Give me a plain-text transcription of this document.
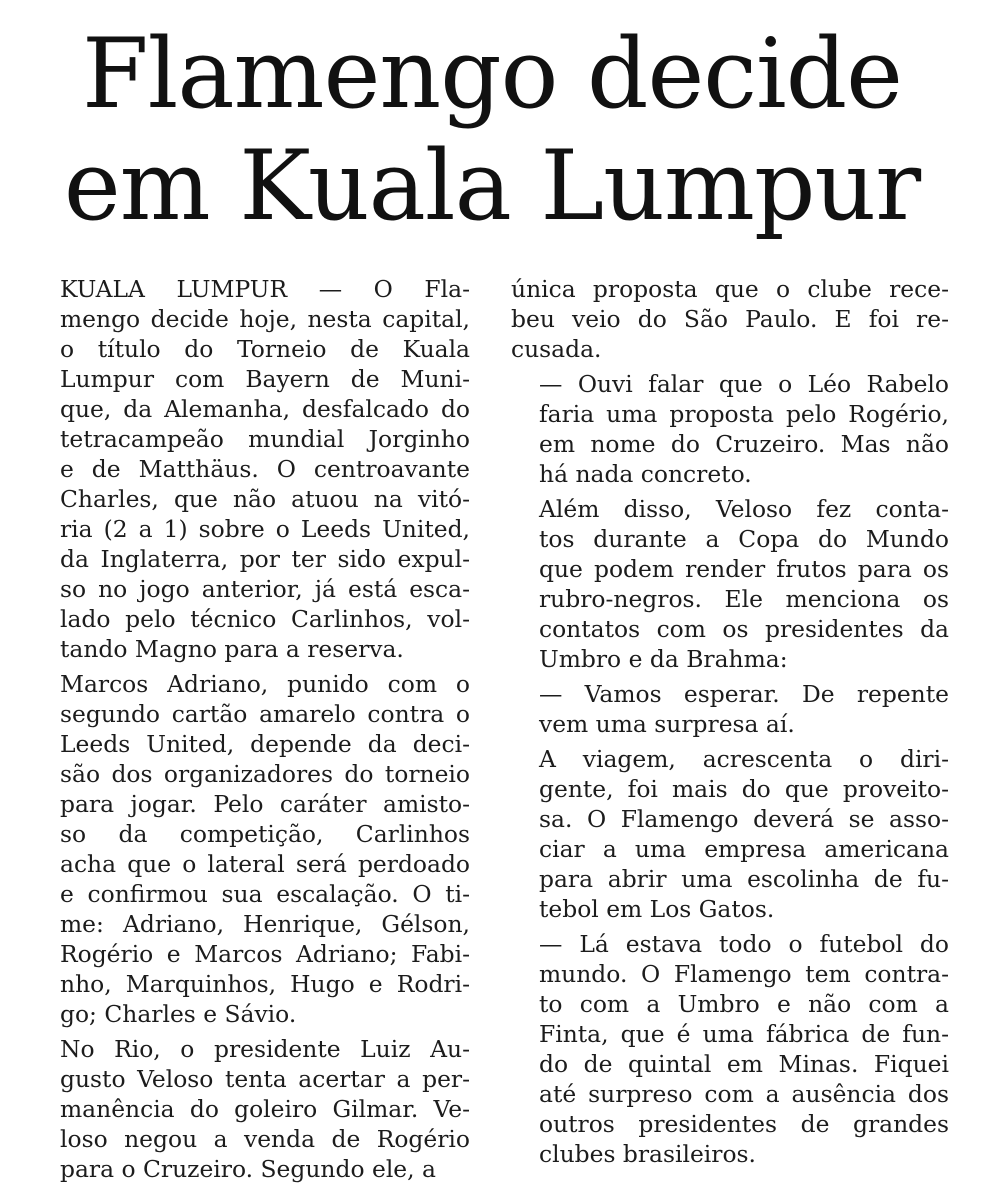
Flamengo decide
em Kuala Lumpur

KUALA LUMPUR — O Fla-
mengo decide hoje, nesta capital,
o título do Torneio de Kuala
Lumpur com Bayern de Muni-
que, da Alemanha, desfalcado do
tetracampeão mundial Jorginho
e de Matthäus. O centroavante
Charles, que não atuou na vitó-
ria (2 a 1) sobre o Leeds United,
da Inglaterra, por ter sido expul-
so no jogo anterior, já está esca-
lado pelo técnico Carlinhos, vol-
tando Magno para a reserva.

Marcos Adriano, punido com o
segundo cartão amarelo contra o
Leeds United, depende da deci-
são dos organizadores do torneio
para jogar. Pelo caráter amisto-
so da competição, Carlinhos
acha que o lateral será perdoado
e confirmou sua escalação. O ti-
me: Adriano, Henrique, Gélson,
Rogério e Marcos Adriano; Fabi-
nho, Marquinhos, Hugo e Rodri-
go; Charles e Sávio.

No Rio, o presidente Luiz Au-
gusto Veloso tenta acertar a per-
manência do goleiro Gilmar. Ve-
loso negou a venda de Rogério
para o Cruzeiro. Segundo ele, a

única proposta que o clube rece-
beu veio do São Paulo. E foi re-
cusada.

— Ouvi falar que o Léo Rabelo
faria uma proposta pelo Rogério,
em nome do Cruzeiro. Mas não
há nada concreto.

Além disso, Veloso fez conta-
tos durante a Copa do Mundo
que podem render frutos para os
rubro-negros. Ele menciona os
contatos com os presidentes da
Umbro e da Brahma:

— Vamos esperar. De repente
vem uma surpresa aí.

A viagem, acrescenta o diri-
gente, foi mais do que proveito-
sa. O Flamengo deverá se asso-
ciar a uma empresa americana
para abrir uma escolinha de fu-
tebol em Los Gatos.

— Lá estava todo o futebol do
mundo. O Flamengo tem contra-
to com a Umbro e não com a
Finta, que é uma fábrica de fun-
do de quintal em Minas. Fiquei
até surpreso com a ausência dos
outros presidentes de grandes
clubes brasileiros.
